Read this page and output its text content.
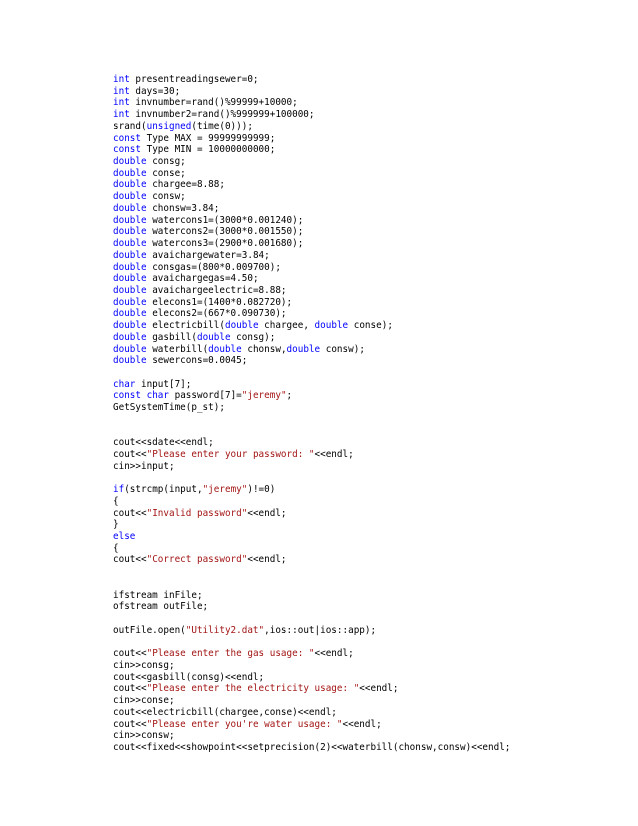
int presentreadingsewer=0;
int days=30;
int invnumber=rand()%99999+10000;
int invnumber2=rand()%999999+100000;
srand(unsigned(time(0)));
const Type MAX = 99999999999;
const Type MIN = 10000000000;
double consg;
double conse;
double chargee=8.88;
double consw;
double chonsw=3.84;
double watercons1=(3000*0.001240);
double watercons2=(3000*0.001550);
double watercons3=(2900*0.001680);
double avaichargewater=3.84;
double consgas=(800*0.009700);
double avaichargegas=4.50;
double avaichargeelectric=8.88;
double elecons1=(1400*0.082720);
double elecons2=(667*0.090730);
double electricbill(double chargee, double conse);
double gasbill(double consg);
double waterbill(double chonsw,double consw);
double sewercons=0.0045;
char input[7];
const char password[7]="jeremy";
GetSystemTime(p_st);
cout<<sdate<<endl;
cout<<"Please enter your password: "<<endl;
cin>>input;
if(strcmp(input,"jeremy")!=0)
{
cout<<"Invalid password"<<endl;
}
else
{
cout<<"Correct password"<<endl;
ifstream inFile;
ofstream outFile;
outFile.open("Utility2.dat",ios::out|ios::app);
cout<<"Please enter the gas usage: "<<endl;
cin>>consg;
cout<<gasbill(consg)<<endl;
cout<<"Please enter the electricity usage: "<<endl;
cin>>conse;
cout<<electricbill(chargee,conse)<<endl;
cout<<"Please enter you're water usage: "<<endl;
cin>>consw;
cout<<fixed<<showpoint<<setprecision(2)<<waterbill(chonsw,consw)<<endl;
